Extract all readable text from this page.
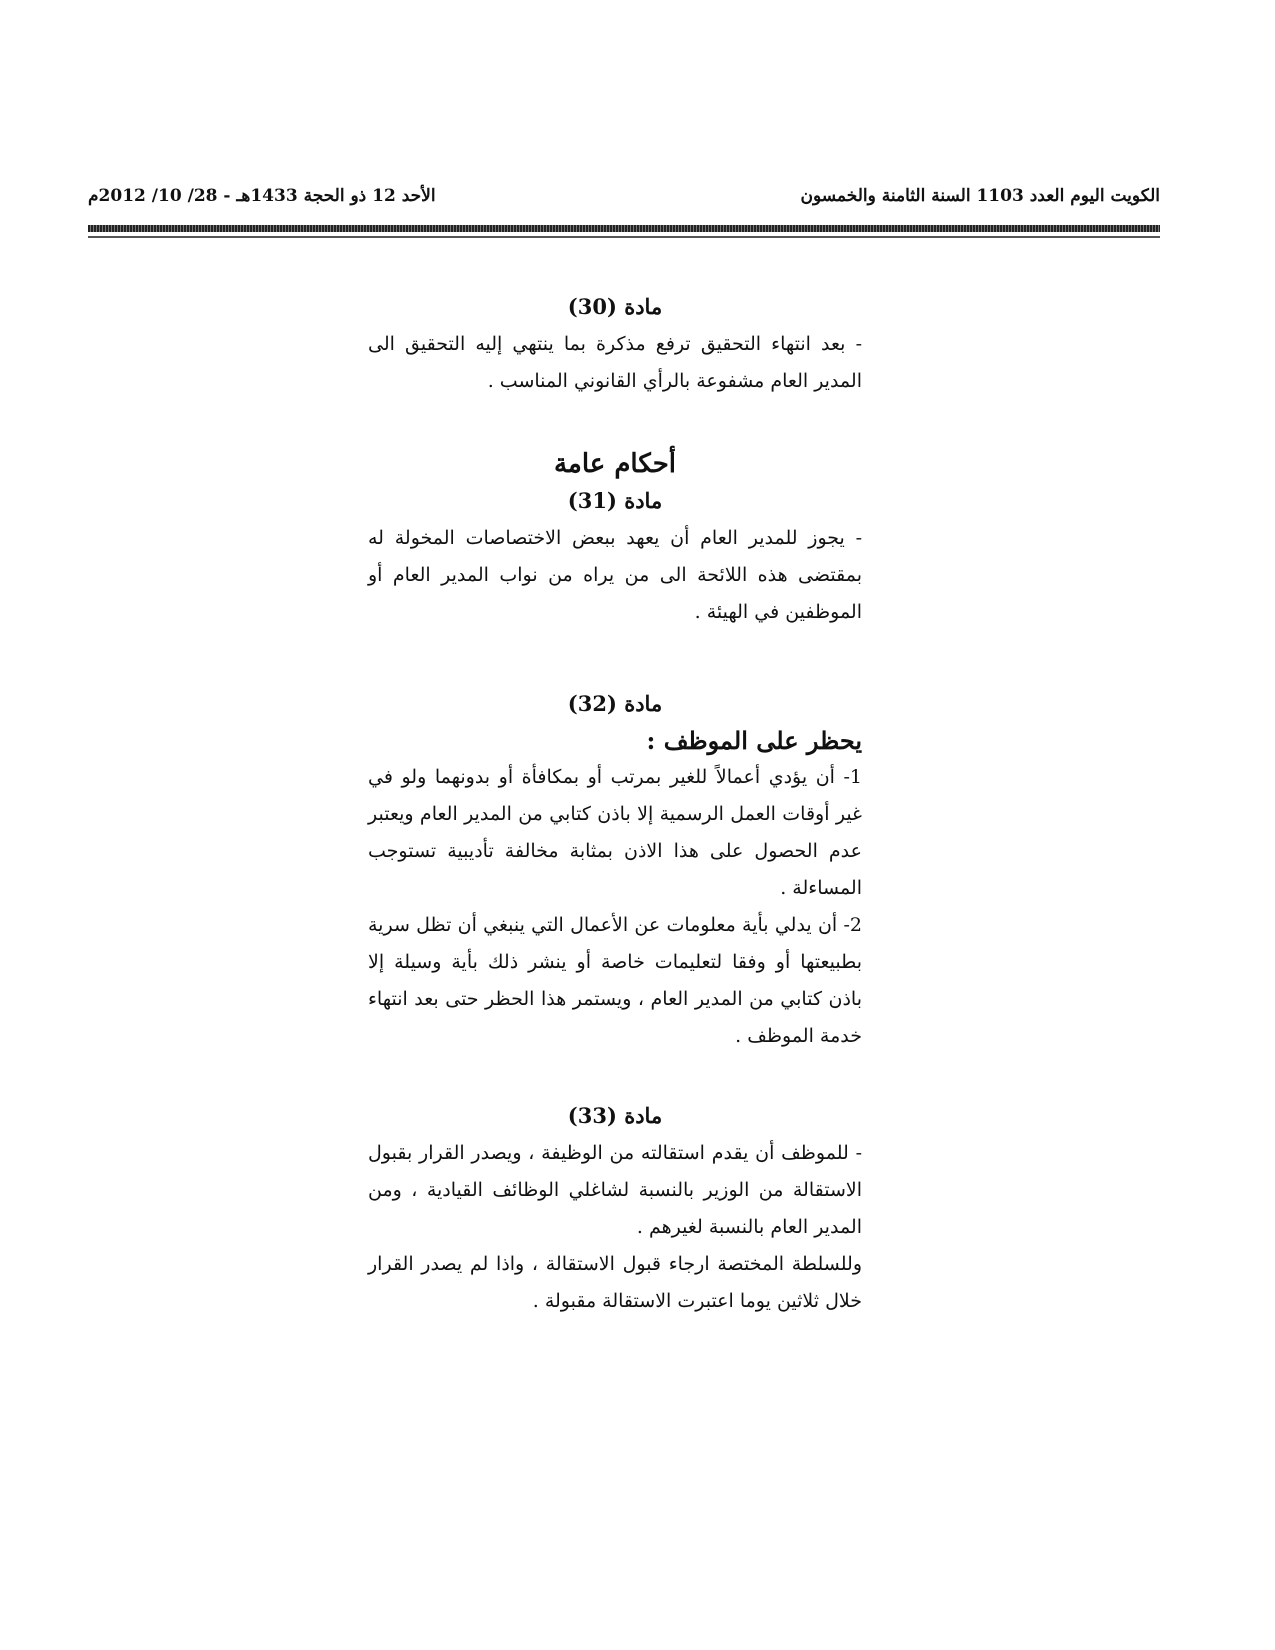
الكويت اليوم العدد 1103 السنة الثامنة والخمسون
الأحد 12 ذو الحجة 1433هـ - 28/ 10/ 2012م
مادة (30)

- بعد انتهاء التحقيق ترفع مذكرة بما ينتهي إليه التحقيق الى المدير العام مشفوعة بالرأي القانوني المناسب .

أحكام عامة
مادة (31)

- يجوز للمدير العام أن يعهد ببعض الاختصاصات المخولة له بمقتضى هذه اللائحة الى من يراه من نواب المدير العام أو الموظفين في الهيئة .

مادة (32)

يحظر على الموظف :

1- أن يؤدي أعمالاً للغير بمرتب أو بمكافأة أو بدونهما ولو في غير أوقات العمل الرسمية إلا باذن كتابي من المدير العام ويعتبر عدم الحصول على هذا الاذن بمثابة مخالفة تأديبية تستوجب المساءلة .

2- أن يدلي بأية معلومات عن الأعمال التي ينبغي أن تظل سرية بطبيعتها أو وفقا لتعليمات خاصة أو ينشر ذلك بأية وسيلة إلا باذن كتابي من المدير العام ، ويستمر هذا الحظر حتى بعد انتهاء خدمة الموظف .

مادة (33)

- للموظف أن يقدم استقالته من الوظيفة ، ويصدر القرار بقبول الاستقالة من الوزير بالنسبة لشاغلي الوظائف القيادية ، ومن المدير العام بالنسبة لغيرهم .

وللسلطة المختصة ارجاء قبول الاستقالة ، واذا لم يصدر القرار خلال ثلاثين يوما اعتبرت الاستقالة مقبولة .
